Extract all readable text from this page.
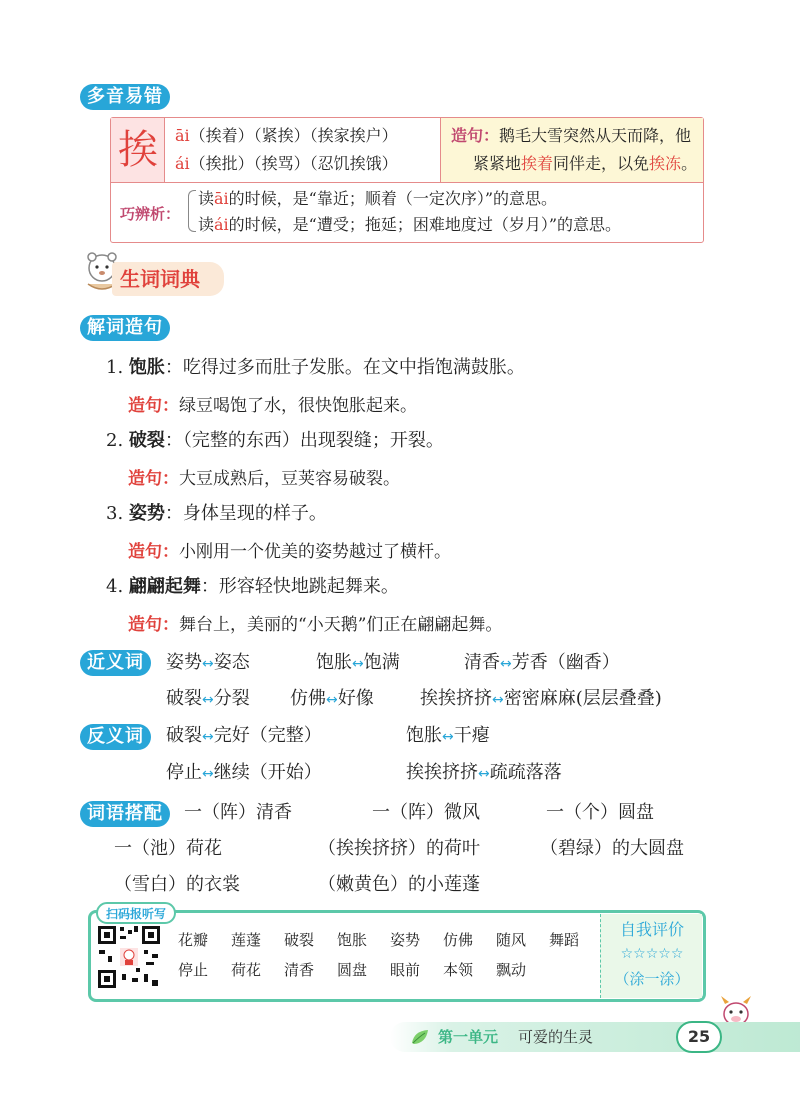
多音易错
挨	āi（挨着）（紧挨）（挨家挨户）
ái（挨批）（挨骂）（忍饥挨饿）
造句：鹅毛大雪突然从天而降，他
紧紧地挨着同伴走，以免挨冻。
巧辨析：
读āi的时候，是“靠近；顺着（一定次序）”的意思。
读ái的时候，是“遭受；拖延；困难地度过（岁月）”的意思。
生词词典
解词造句
1. 饱胀：吃得过多而肚子发胀。在文中指饱满鼓胀。
造句：绿豆喝饱了水，很快饱胀起来。
2. 破裂：（完整的东西）出现裂缝；开裂。
造句：大豆成熟后，豆荚容易破裂。
3. 姿势：身体呈现的样子。
造句：小刚用一个优美的姿势越过了横杆。
4. 翩翩起舞：形容轻快地跳起舞来。
造句：舞台上，美丽的“小天鹅”们正在翩翩起舞。
近义词	姿势↔姿态	饱胀↔饱满	清香↔芳香（幽香）
破裂↔分裂 仿佛↔好像	挨挨挤挤↔密密麻麻(层层叠叠)
反义词	破裂↔完好（完整）	饱胀↔干瘪
停止↔继续（开始）	挨挨挤挤↔疏疏落落
词语搭配	一（阵）清香	一（阵）微风	一（个）圆盘
一（池）荷花	（挨挨挤挤）的荷叶	（碧绿）的大圆盘
（雪白）的衣裳	（嫩黄色）的小莲蓬
扫码报听写
花瓣 莲蓬 破裂 饱胀 姿势 仿佛 随风 舞蹈
停止 荷花 清香 圆盘 眼前 本领 飘动
自我评价
☆☆☆☆☆
（涂一涂）
第一单元 可爱的生灵	25
